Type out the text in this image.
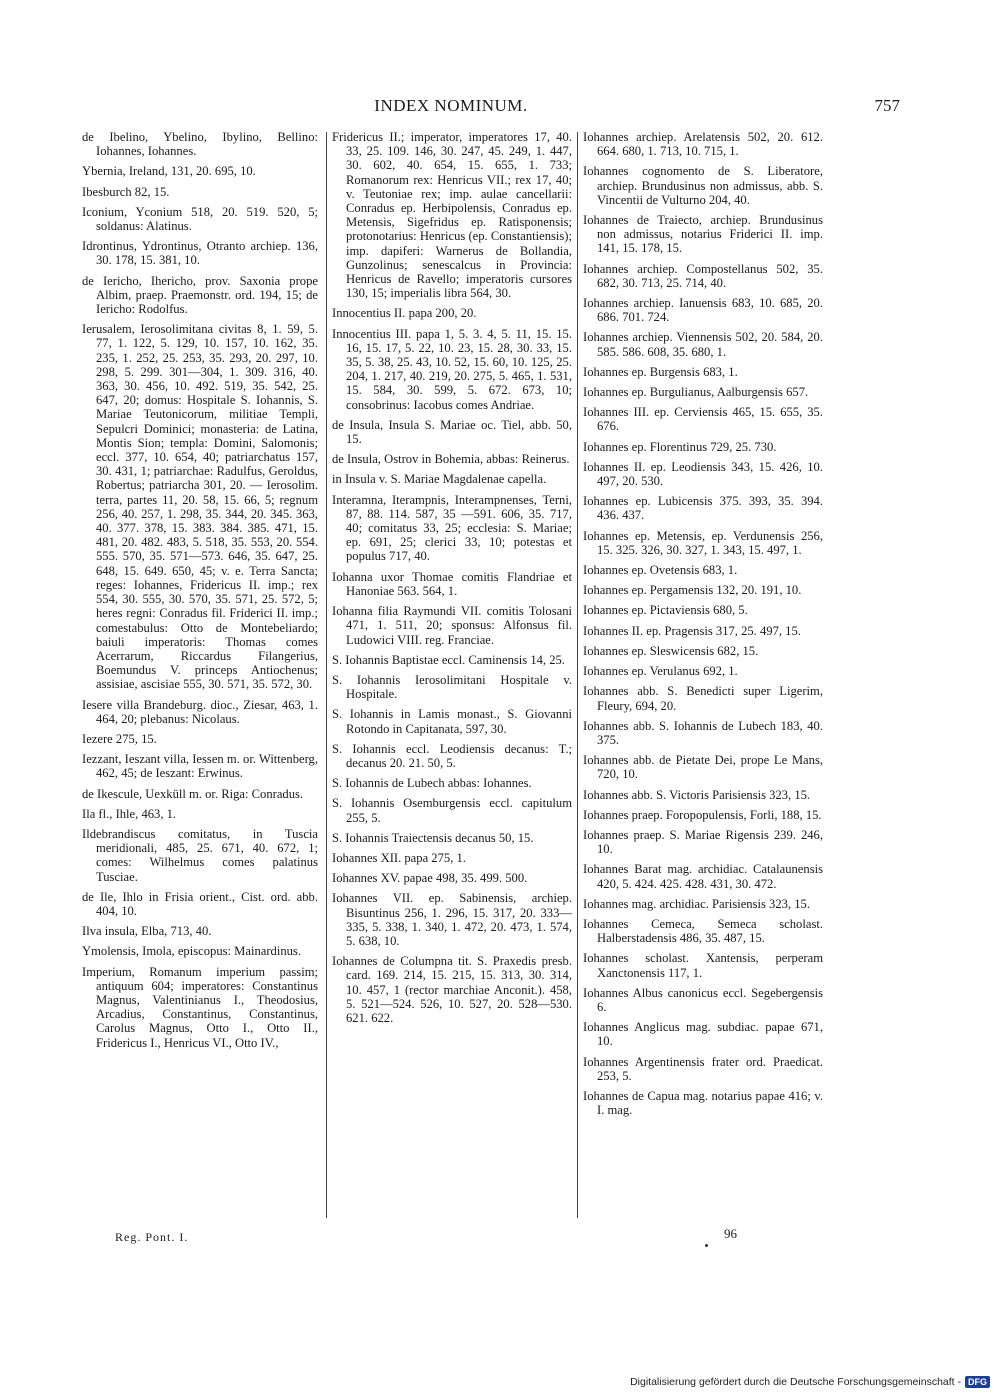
INDEX NOMINUM.	757

de Ibelino, Ybelino, Ibylino, Bellino: Iohannes, Iohannes.

Ybernia, Ireland, 131, 20. 695, 10.

Ibesburch 82, 15.

Iconium, Yconium 518, 20. 519. 520, 5; soldanus: Alatinus.

Idrontinus, Ydrontinus, Otranto archiep. 136, 30. 178, 15. 381, 10.

de Iericho, Ihericho, prov. Saxonia prope Albim, praep. Praemonstr. ord. 194, 15; de Iericho: Rodolfus.

Ierusalem, Ierosolimitana civitas 8, 1. 59, 5. 77, 1. 122, 5. 129, 10. 157, 10. 162, 35. 235, 1. 252, 25. 253, 35. 293, 20. 297, 10. 298, 5. 299. 301—304, 1. 309. 316, 40. 363, 30. 456, 10. 492. 519, 35. 542, 25. 647, 20; domus: Hospitale S. Iohannis, S. Mariae Teutonicorum, militiae Templi, Sepulcri Dominici; monasteria: de Latina, Montis Sion; templa: Domini, Salomonis; eccl. 377, 10. 654, 40; patriarchatus 157, 30. 431, 1; patriarchae: Radulfus, Geroldus, Robertus; patriarcha 301, 20. — Ierosolim. terra, partes 11, 20. 58, 15. 66, 5; regnum 256, 40. 257, 1. 298, 35. 344, 20. 345. 363, 40. 377. 378, 15. 383. 384. 385. 471, 15. 481, 20. 482. 483, 5. 518, 35. 553, 20. 554. 555. 570, 35. 571—573. 646, 35. 647, 25. 648, 15. 649. 650, 45; v. e. Terra Sancta; reges: Iohannes, Fridericus II. imp.; rex 554, 30. 555, 30. 570, 35. 571, 25. 572, 5; heres regni: Conradus fil. Friderici II. imp.; comestabulus: Otto de Montebeliardo; baiuli imperatoris: Thomas comes Acerrarum, Riccardus Filangerius, Boemundus V. princeps Antiochenus; assisiae, ascisiae 555, 30. 571, 35. 572, 30.

Iesere villa Brandeburg. dioc., Ziesar, 463, 1. 464, 20; plebanus: Nicolaus.

Iezere 275, 15.

Iezzant, Ieszant villa, Iessen m. or. Wittenberg, 462, 45; de Ieszant: Erwinus.

de Ikescule, Uexküll m. or. Riga: Conradus.

Ila fl., Ihle, 463, 1.

Ildebrandiscus comitatus, in Tuscia meridionali, 485, 25. 671, 40. 672, 1; comes: Wilhelmus comes palatinus Tusciae.

de Ile, Ihlo in Frisia orient., Cist. ord. abb. 404, 10.

Ilva insula, Elba, 713, 40.

Ymolensis, Imola, episcopus: Mainardinus.

Imperium, Romanum imperium passim; antiquum 604; imperatores: Constantinus Magnus, Valentinianus I., Theodosius, Arcadius, Constantinus, Constantinus, Carolus Magnus, Otto I., Otto II., Fridericus I., Henricus VI., Otto IV.,

Fridericus II.; imperator, imperatores 17, 40. 33, 25. 109. 146, 30. 247, 45. 249, 1. 447, 30. 602, 40. 654, 15. 655, 1. 733; Romanorum rex: Henricus VII.; rex 17, 40; v. Teutoniae rex; imp. aulae cancellarii: Conradus ep. Herbipolensis, Conradus ep. Metensis, Sigefridus ep. Ratisponensis; protonotarius: Henricus (ep. Constantiensis); imp. dapiferi: Warnerus de Bollandia, Gunzolinus; senescalcus in Provincia: Henricus de Ravello; imperatoris cursores 130, 15; imperialis libra 564, 30.

Innocentius II. papa 200, 20.

Innocentius III. papa 1, 5. 3. 4, 5. 11, 15. 15. 16, 15. 17, 5. 22, 10. 23, 15. 28, 30. 33, 15. 35, 5. 38, 25. 43, 10. 52, 15. 60, 10. 125, 25. 204, 1. 217, 40. 219, 20. 275, 5. 465, 1. 531, 15. 584, 30. 599, 5. 672. 673, 10; consobrinus: Iacobus comes Andriae.

de Insula, Insula S. Mariae oc. Tiel, abb. 50, 15.

de Insula, Ostrov in Bohemia, abbas: Reinerus.

in Insula v. S. Mariae Magdalenae capella.

Interamna, Iterampnis, Interampnenses, Terni, 87, 88. 114. 587, 35 —591. 606, 35. 717, 40; comitatus 33, 25; ecclesia: S. Mariae; ep. 691, 25; clerici 33, 10; potestas et populus 717, 40.

Iohanna uxor Thomae comitis Flandriae et Hanoniae 563. 564, 1.

Iohanna filia Raymundi VII. comitis Tolosani 471, 1. 511, 20; sponsus: Alfonsus fil. Ludowici VIII. reg. Franciae.

S. Iohannis Baptistae eccl. Caminensis 14, 25.

S. Iohannis Ierosolimitani Hospitale v. Hospitale.

S. Iohannis in Lamis monast., S. Giovanni Rotondo in Capitanata, 597, 30.

S. Iohannis eccl. Leodiensis decanus: T.; decanus 20. 21. 50, 5.

S. Iohannis de Lubech abbas: Iohannes.

S. Iohannis Osemburgensis eccl. capitulum 255, 5.

S. Iohannis Traiectensis decanus 50, 15.

Iohannes XII. papa 275, 1.

Iohannes XV. papae 498, 35. 499. 500.

Iohannes VII. ep. Sabinensis, archiep. Bisuntinus 256, 1. 296, 15. 317, 20. 333—335, 5. 338, 1. 340, 1. 472, 20. 473, 1. 574, 5. 638, 10.

Iohannes de Columpna tit. S. Praxedis presb. card. 169. 214, 15. 215, 15. 313, 30. 314, 10. 457, 1 (rector marchiae Anconit.). 458, 5. 521—524. 526, 10. 527, 20. 528—530. 621. 622.

Iohannes archiep. Arelatensis 502, 20. 612. 664. 680, 1. 713, 10. 715, 1.

Iohannes cognomento de S. Liberatore, archiep. Brundusinus non admissus, abb. S. Vincentii de Vulturno 204, 40.

Iohannes de Traiecto, archiep. Brundusinus non admissus, notarius Friderici II. imp. 141, 15. 178, 15.

Iohannes archiep. Compostellanus 502, 35. 682, 30. 713, 25. 714, 40.

Iohannes archiep. Ianuensis 683, 10. 685, 20. 686. 701. 724.

Iohannes archiep. Viennensis 502, 20. 584, 20. 585. 586. 608, 35. 680, 1.

Iohannes ep. Burgensis 683, 1.

Iohannes ep. Burgulianus, Aalburgensis 657.

Iohannes III. ep. Cerviensis 465, 15. 655, 35. 676.

Iohannes ep. Florentinus 729, 25. 730.

Iohannes II. ep. Leodiensis 343, 15. 426, 10. 497, 20. 530.

Iohannes ep. Lubicensis 375. 393, 35. 394. 436. 437.

Iohannes ep. Metensis, ep. Verdunensis 256, 15. 325. 326, 30. 327, 1. 343, 15. 497, 1.

Iohannes ep. Ovetensis 683, 1.

Iohannes ep. Pergamensis 132, 20. 191, 10.

Iohannes ep. Pictaviensis 680, 5.

Iohannes II. ep. Pragensis 317, 25. 497, 15.

Iohannes ep. Sleswicensis 682, 15.

Iohannes ep. Verulanus 692, 1.

Iohannes abb. S. Benedicti super Ligerim, Fleury, 694, 20.

Iohannes abb. S. Iohannis de Lubech 183, 40. 375.

Iohannes abb. de Pietate Dei, prope Le Mans, 720, 10.

Iohannes abb. S. Victoris Parisiensis 323, 15.

Iohannes praep. Foropopulensis, Forli, 188, 15.

Iohannes praep. S. Mariae Rigensis 239. 246, 10.

Iohannes Barat mag. archidiac. Catalaunensis 420, 5. 424. 425. 428. 431, 30. 472.

Iohannes mag. archidiac. Parisiensis 323, 15.

Iohannes Cemeca, Semeca scholast. Halberstadensis 486, 35. 487, 15.

Iohannes scholast. Xantensis, perperam Xanctonensis 117, 1.

Iohannes Albus canonicus eccl. Segebergensis 6.

Iohannes Anglicus mag. subdiac. papae 671, 10.

Iohannes Argentinensis frater ord. Praedicat. 253, 5.

Iohannes de Capua mag. notarius papae 416; v. I. mag.

Reg. Pont. I.	96
Digitalisierung gefördert durch die Deutsche Forschungsgemeinschaft - DFG
